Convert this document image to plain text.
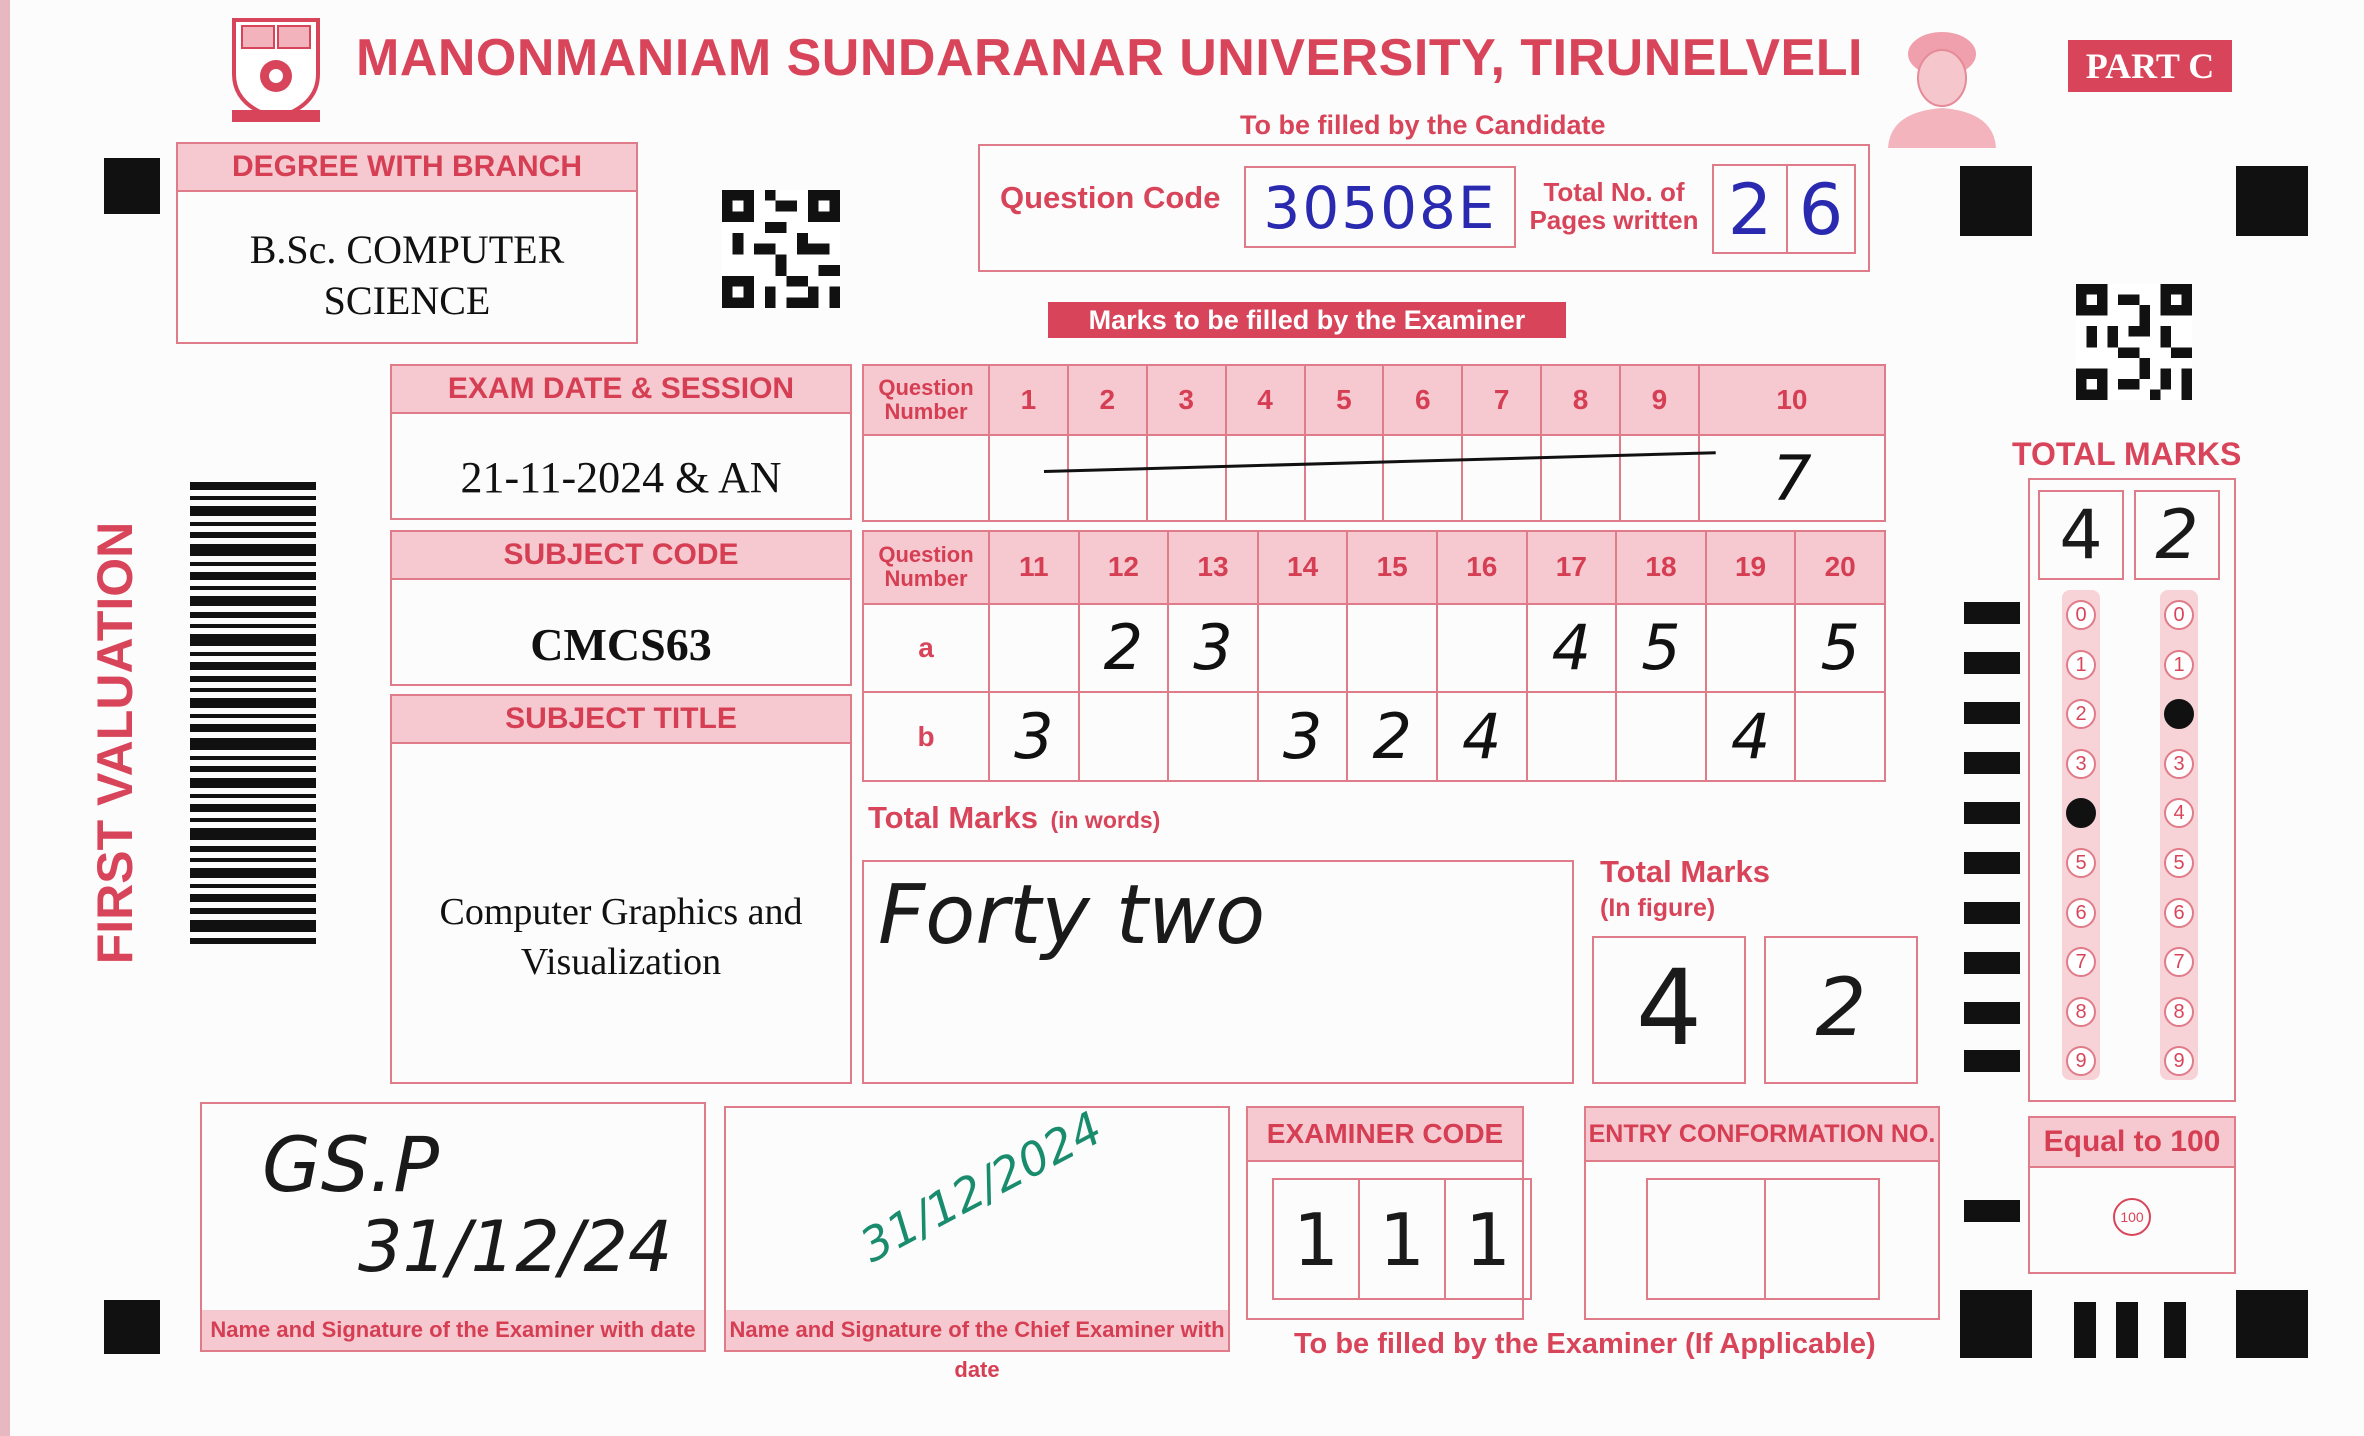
MANONMANIAM SUNDARANAR UNIVERSITY, TIRUNELVELI	PART C
To be filled by the Candidate
DEGREE WITH BRANCH
B.Sc. COMPUTER
SCIENCE
Question Code 30508E	Total No. of
Pages written 2 6
Marks to be filled by the Examiner
EXAM DATE & SESSION
21-11-2024 & AN
SUBJECT CODE
CMCS63
SUBJECT TITLE
Computer Graphics and
Visualization
FIRST VALUATION
Question Number	1	2	3	4	5	6	7	8	9	10
										7
Question Number	11	12	13	14	15	16	17	18	19	20
a		2	3				4	5		5
b	3			3	2	4			4	
Total Marks (in words)
Forty two	Total Marks
(In figure)
4	2
TOTAL MARKS
4 2
0
1
2
3
4
5
6
7
8
9
0
1
2
3
4
5
6
7
8
9
Equal to 100
100
GS.P
31/12/24
Name and Signature of the Examiner with date
31/12/2024
Name and Signature of the Chief Examiner with date
EXAMINER CODE
1 1 1
ENTRY CONFORMATION NO.
To be filled by the Examiner (If Applicable)
